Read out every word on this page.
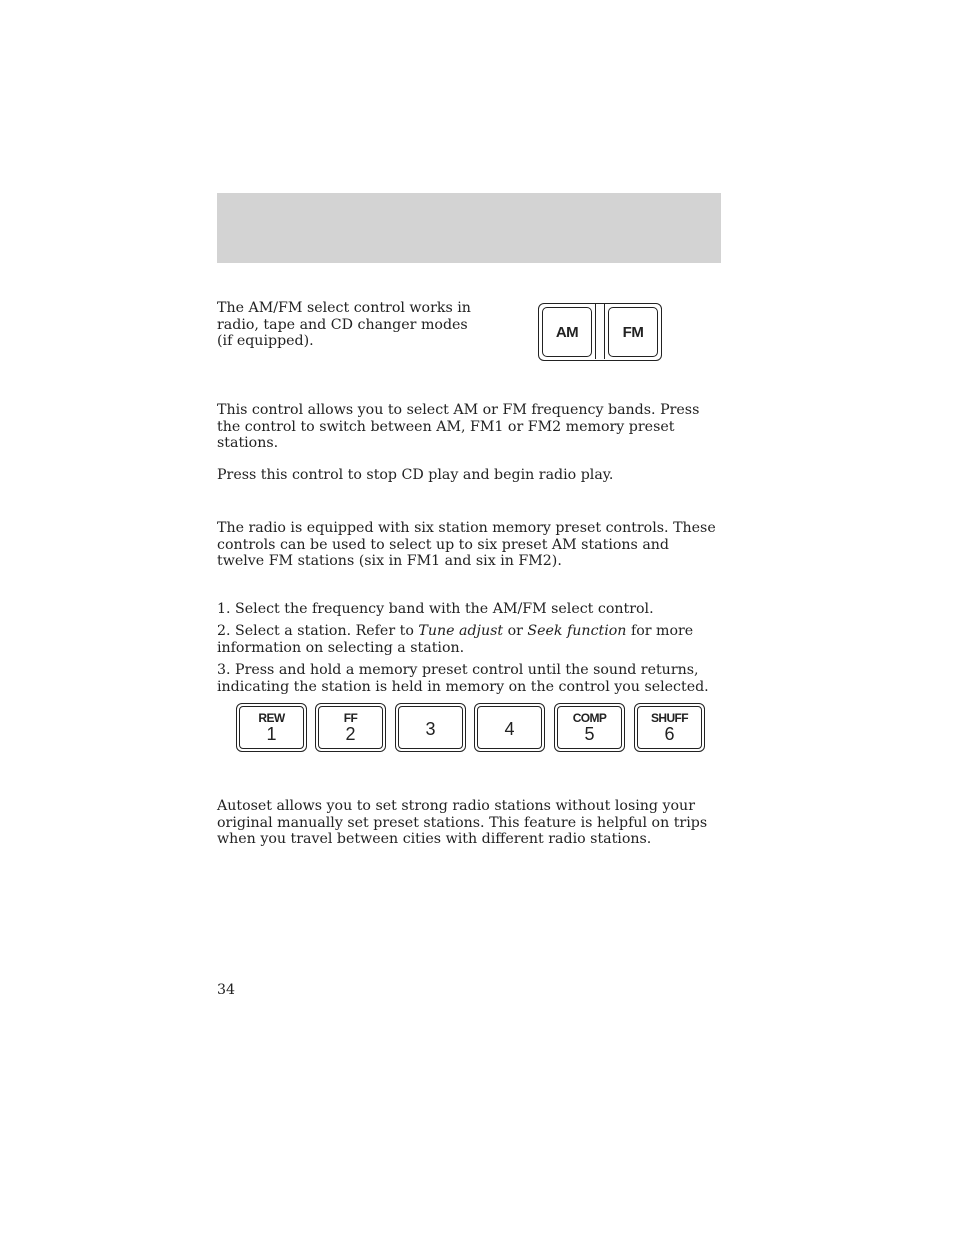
The AM/FM select control works in radio, tape and CD changer modes (if equipped).

AM	FM

This control allows you to select AM or FM frequency bands. Press the control to switch between AM, FM1 or FM2 memory preset stations.

Press this control to stop CD play and begin radio play.

The radio is equipped with six station memory preset controls. These controls can be used to select up to six preset AM stations and twelve FM stations (six in FM1 and six in FM2).

1. Select the frequency band with the AM/FM select control.

2. Select a station. Refer to Tune adjust or Seek function for more information on selecting a station.

3. Press and hold a memory preset control until the sound returns, indicating the station is held in memory on the control you selected.

REW
1
FF
2	3	4
COMP
5
SHUFF
6

Autoset allows you to set strong radio stations without losing your original manually set preset stations. This feature is helpful on trips when you travel between cities with different radio stations.

34
